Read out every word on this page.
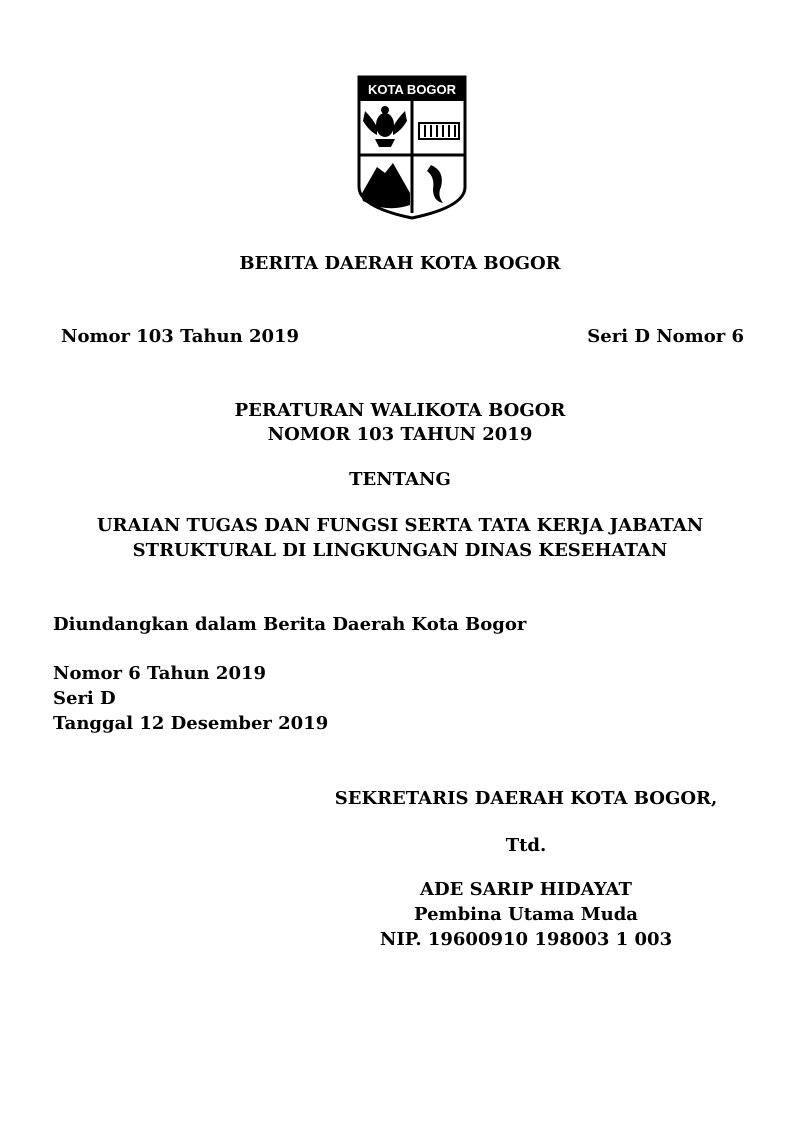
KOTA BOGOR
BERITA DAERAH KOTA BOGOR
Nomor 103 Tahun 2019	Seri D Nomor 6
PERATURAN WALIKOTA BOGOR
NOMOR 103 TAHUN 2019
TENTANG
URAIAN TUGAS DAN FUNGSI SERTA TATA KERJA JABATAN
STRUKTURAL DI LINGKUNGAN DINAS KESEHATAN
Diundangkan dalam Berita Daerah Kota Bogor
Nomor 6 Tahun 2019
Seri D
Tanggal 12 Desember 2019
SEKRETARIS DAERAH KOTA BOGOR,
Ttd.
ADE SARIP HIDAYAT
Pembina Utama Muda
NIP. 19600910 198003 1 003
